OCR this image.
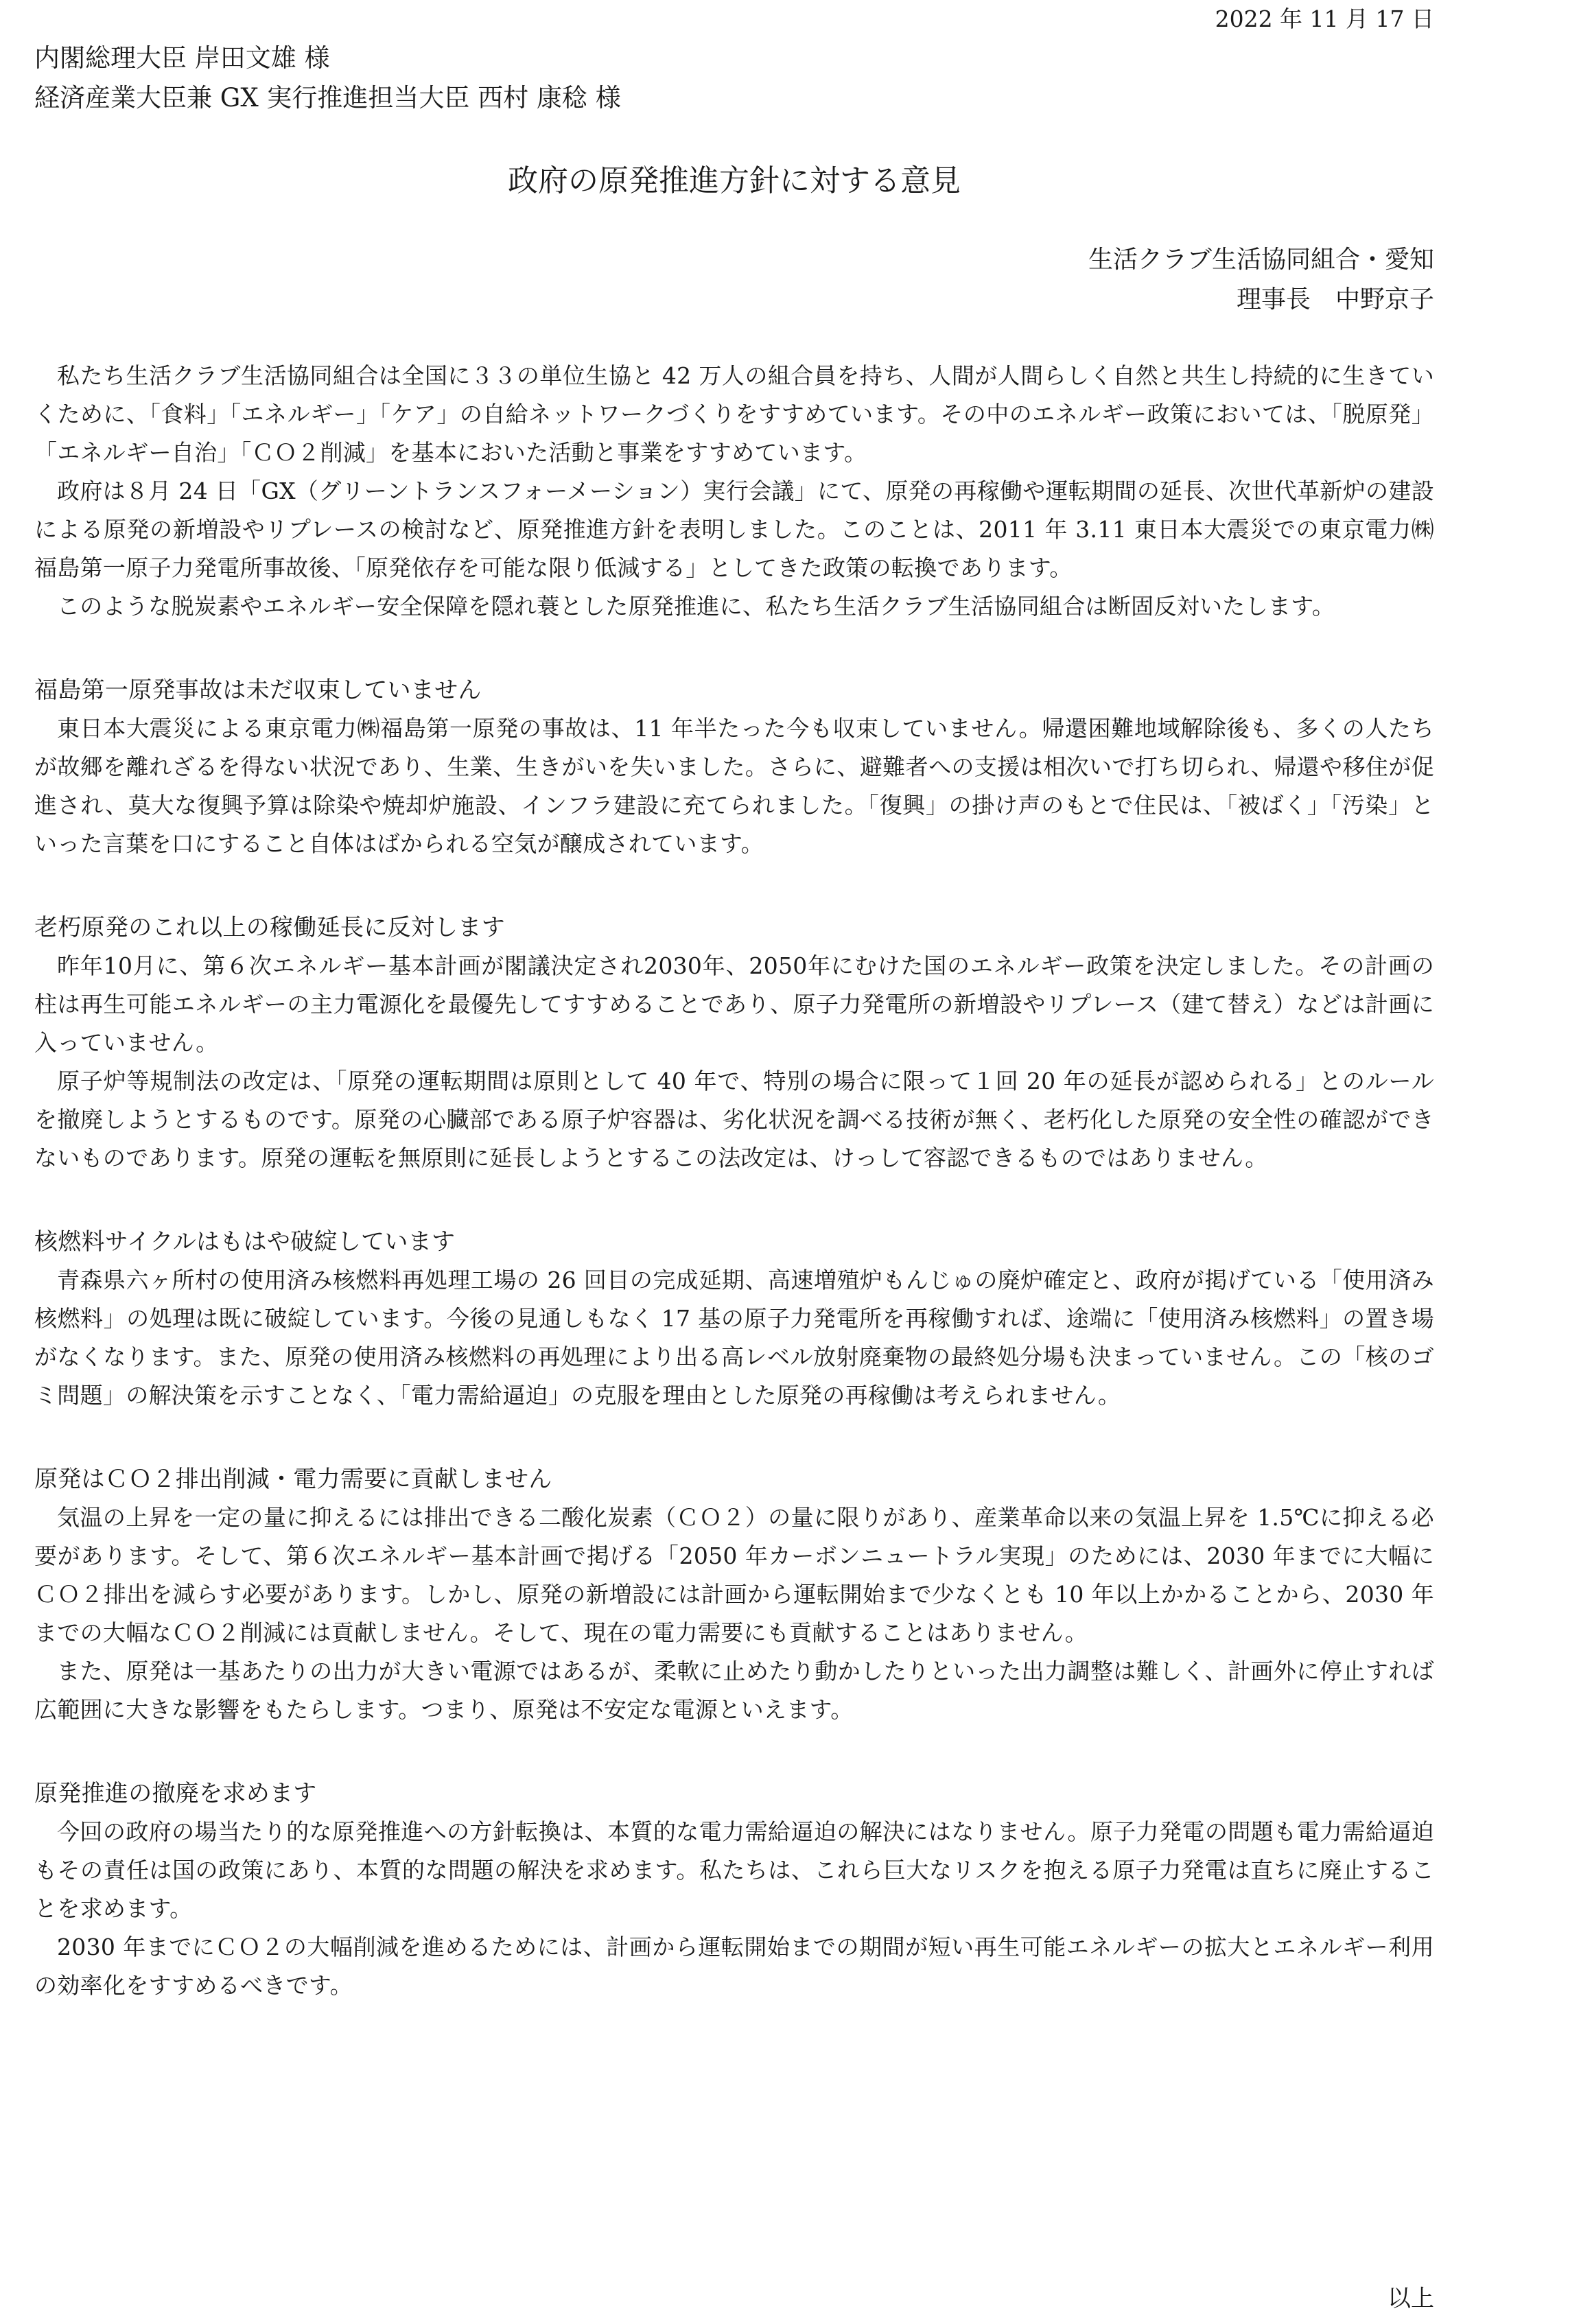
2022 年 11 月 17 日
内閣総理大臣 岸田文雄 様
経済産業大臣兼 GX 実行推進担当大臣 西村 康稔 様
政府の原発推進方針に対する意見
生活クラブ生活協同組合・愛知
理事長　中野京子

私たち生活クラブ生活協同組合は全国に３３の単位生協と 42 万人の組合員を持ち、人間が人間らしく自然と共生し持続的に生きていくために、「食料」「エネルギー」「ケア」の自給ネットワークづくりをすすめています。その中のエネルギー政策においては、「脱原発」「エネルギー自治」「ＣＯ２削減」を基本においた活動と事業をすすめています。

政府は８月 24 日「GX（グリーントランスフォーメーション）実行会議」にて、原発の再稼働や運転期間の延長、次世代革新炉の建設による原発の新増設やリプレースの検討など、原発推進方針を表明しました。このことは、2011 年 3.11 東日本大震災での東京電力㈱福島第一原子力発電所事故後、「原発依存を可能な限り低減する」としてきた政策の転換であります。

このような脱炭素やエネルギー安全保障を隠れ蓑とした原発推進に、私たち生活クラブ生活協同組合は断固反対いたします。

福島第一原発事故は未だ収束していません

東日本大震災による東京電力㈱福島第一原発の事故は、11 年半たった今も収束していません。帰還困難地域解除後も、多くの人たちが故郷を離れざるを得ない状況であり、生業、生きがいを失いました。さらに、避難者への支援は相次いで打ち切られ、帰還や移住が促進され、莫大な復興予算は除染や焼却炉施設、インフラ建設に充てられました。「復興」の掛け声のもとで住民は、「被ばく」「汚染」といった言葉を口にすること自体はばかられる空気が醸成されています。

老朽原発のこれ以上の稼働延長に反対します

昨年10月に、第６次エネルギー基本計画が閣議決定され2030年、2050年にむけた国のエネルギー政策を決定しました。その計画の柱は再生可能エネルギーの主力電源化を最優先してすすめることであり、原子力発電所の新増設やリプレース（建て替え）などは計画に入っていません。

原子炉等規制法の改定は、「原発の運転期間は原則として 40 年で、特別の場合に限って１回 20 年の延長が認められる」とのルールを撤廃しようとするものです。原発の心臓部である原子炉容器は、劣化状況を調べる技術が無く、老朽化した原発の安全性の確認ができないものであります。原発の運転を無原則に延長しようとするこの法改定は、けっして容認できるものではありません。

核燃料サイクルはもはや破綻しています

青森県六ヶ所村の使用済み核燃料再処理工場の 26 回目の完成延期、高速増殖炉もんじゅの廃炉確定と、政府が掲げている「使用済み核燃料」の処理は既に破綻しています。今後の見通しもなく 17 基の原子力発電所を再稼働すれば、途端に「使用済み核燃料」の置き場がなくなります。また、原発の使用済み核燃料の再処理により出る高レベル放射廃棄物の最終処分場も決まっていません。この「核のゴミ問題」の解決策を示すことなく、「電力需給逼迫」の克服を理由とした原発の再稼働は考えられません。

原発はＣＯ２排出削減・電力需要に貢献しません

気温の上昇を一定の量に抑えるには排出できる二酸化炭素（ＣＯ２）の量に限りがあり、産業革命以来の気温上昇を 1.5℃に抑える必要があります。そして、第６次エネルギー基本計画で掲げる「2050 年カーボンニュートラル実現」のためには、2030 年までに大幅にＣＯ２排出を減らす必要があります。しかし、原発の新増設には計画から運転開始まで少なくとも 10 年以上かかることから、2030 年までの大幅なＣＯ２削減には貢献しません。そして、現在の電力需要にも貢献することはありません。

また、原発は一基あたりの出力が大きい電源ではあるが、柔軟に止めたり動かしたりといった出力調整は難しく、計画外に停止すれば広範囲に大きな影響をもたらします。つまり、原発は不安定な電源といえます。

原発推進の撤廃を求めます

今回の政府の場当たり的な原発推進への方針転換は、本質的な電力需給逼迫の解決にはなりません。原子力発電の問題も電力需給逼迫もその責任は国の政策にあり、本質的な問題の解決を求めます。私たちは、これら巨大なリスクを抱える原子力発電は直ちに廃止することを求めます。

2030 年までにＣＯ２の大幅削減を進めるためには、計画から運転開始までの期間が短い再生可能エネルギーの拡大とエネルギー利用の効率化をすすめるべきです。

以上
